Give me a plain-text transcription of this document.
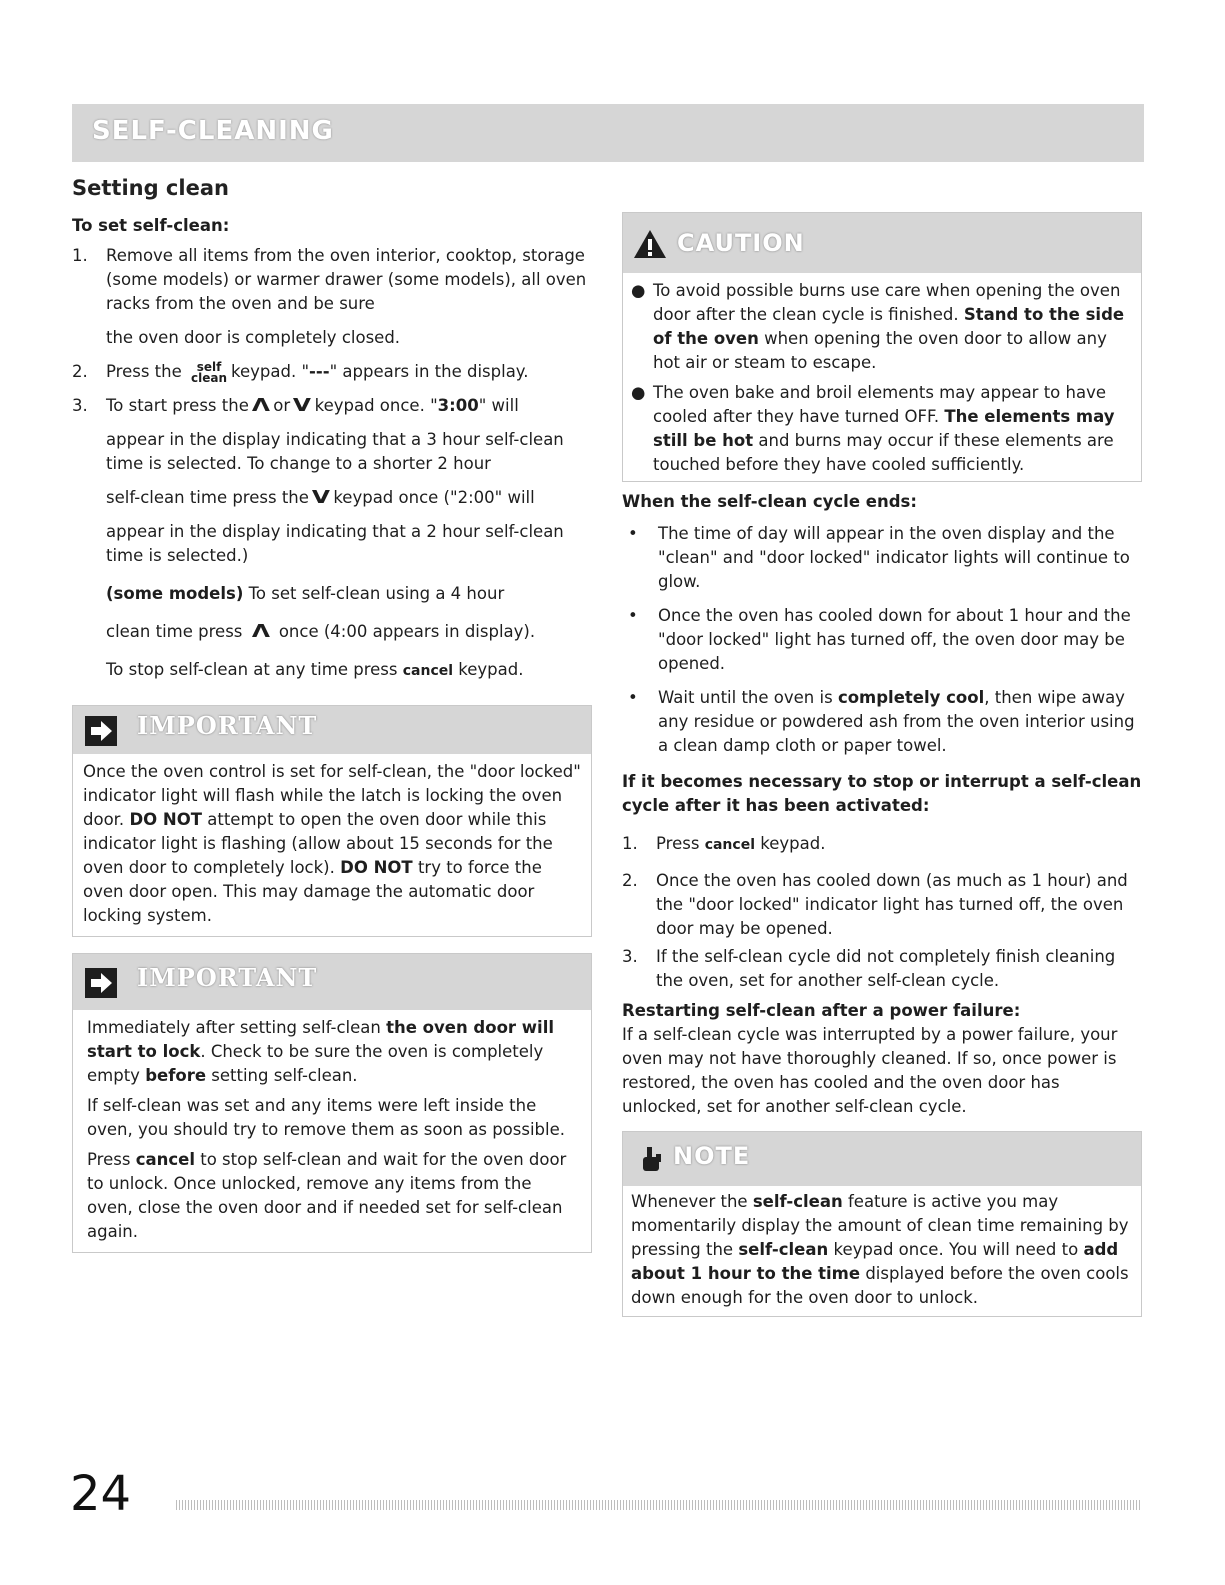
SELF-CLEANING
Setting clean

To set self-clean:

1. Remove all items from the oven interior, cooktop, storage (some models) or warmer drawer (some models), all oven racks from the oven and be sure

the oven door is completely closed.

2. Press the self
clean keypad. "---" appears in the display.
3. To start press the Λ or V keypad once. "3:00" will

appear in the display indicating that a 3 hour self-clean time is selected. To change to a shorter 2 hour

self-clean time press the V keypad once ("2:00" will

appear in the display indicating that a 2 hour self-clean time is selected.)

(some models) To set self-clean using a 4 hour

clean time press Λ once (4:00 appears in display).

To stop self-clean at any time press cancel keypad.

IMPORTANT

Once the oven control is set for self-clean, the "door locked" indicator light will flash while the latch is locking the oven door. DO NOT attempt to open the oven door while this indicator light is flashing (allow about 15 seconds for the oven door to completely lock). DO NOT try to force the oven door open. This may damage the automatic door locking system.

IMPORTANT

Immediately after setting self-clean the oven door will start to lock. Check to be sure the oven is completely empty before setting self-clean.

If self-clean was set and any items were left inside the oven, you should try to remove them as soon as possible.

Press cancel to stop self-clean and wait for the oven door to unlock. Once unlocked, remove any items from the oven, close the oven door and if needed set for self-clean again.

CAUTION
● To avoid possible burns use care when opening the oven door after the clean cycle is finished. Stand to the side of the oven when opening the oven door to allow any hot air or steam to escape.
● The oven bake and broil elements may appear to have cooled after they have turned OFF. The elements may still be hot and burns may occur if these elements are touched before they have cooled sufficiently.

When the self-clean cycle ends:

• The time of day will appear in the oven display and the "clean" and "door locked" indicator lights will continue to glow.
• Once the oven has cooled down for about 1 hour and the "door locked" light has turned off, the oven door may be opened.
• Wait until the oven is completely cool, then wipe away any residue or powdered ash from the oven interior using a clean damp cloth or paper towel.

If it becomes necessary to stop or interrupt a self-clean cycle after it has been activated:

1. Press cancel keypad.
2. Once the oven has cooled down (as much as 1 hour) and the "door locked" indicator light has turned off, the oven door may be opened.
3. If the self-clean cycle did not completely finish cleaning the oven, set for another self-clean cycle.

Restarting self-clean after a power failure:

If a self-clean cycle was interrupted by a power failure, your oven may not have thoroughly cleaned. If so, once power is restored, the oven has cooled and the oven door has unlocked, set for another self-clean cycle.

NOTE

Whenever the self-clean feature is active you may momentarily display the amount of clean time remaining by pressing the self-clean keypad once. You will need to add about 1 hour to the time displayed before the oven cools down enough for the oven door to unlock.

24
